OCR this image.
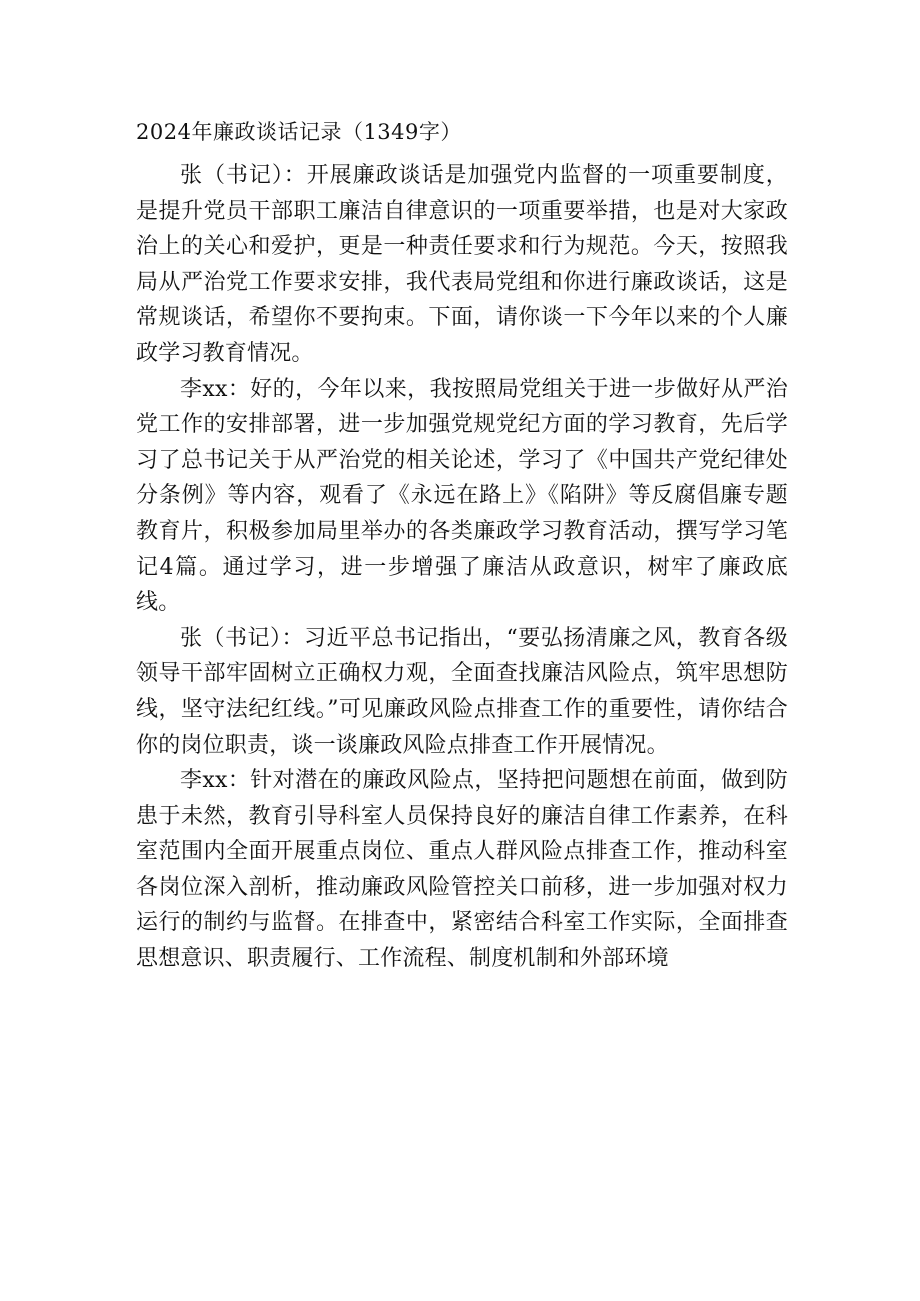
2024年廉政谈话记录（1349字）

张（书记）：开展廉政谈话是加强党内监督的一项重要制度，是提升党员干部职工廉洁自律意识的一项重要举措，也是对大家政治上的关心和爱护，更是一种责任要求和行为规范。今天，按照我局从严治党工作要求安排，我代表局党组和你进行廉政谈话，这是常规谈话，希望你不要拘束。下面，请你谈一下今年以来的个人廉政学习教育情况。

李xx：好的，今年以来，我按照局党组关于进一步做好从严治党工作的安排部署，进一步加强党规党纪方面的学习教育，先后学习了总书记关于从严治党的相关论述，学习了《中国共产党纪律处分条例》等内容，观看了《永远在路上》《陷阱》等反腐倡廉专题教育片，积极参加局里举办的各类廉政学习教育活动，撰写学习笔记4篇。通过学习，进一步增强了廉洁从政意识，树牢了廉政底线。

张（书记）：习近平总书记指出，“要弘扬清廉之风，教育各级领导干部牢固树立正确权力观，全面查找廉洁风险点，筑牢思想防线，坚守法纪红线。”可见廉政风险点排查工作的重要性，请你结合你的岗位职责，谈一谈廉政风险点排查工作开展情况。

李xx：针对潜在的廉政风险点，坚持把问题想在前面，做到防患于未然，教育引导科室人员保持良好的廉洁自律工作素养，在科室范围内全面开展重点岗位、重点人群风险点排查工作，推动科室各岗位深入剖析，推动廉政风险管控关口前移，进一步加强对权力运行的制约与监督。在排查中，紧密结合科室工作实际，全面排查思想意识、职责履行、工作流程、制度机制和外部环境
